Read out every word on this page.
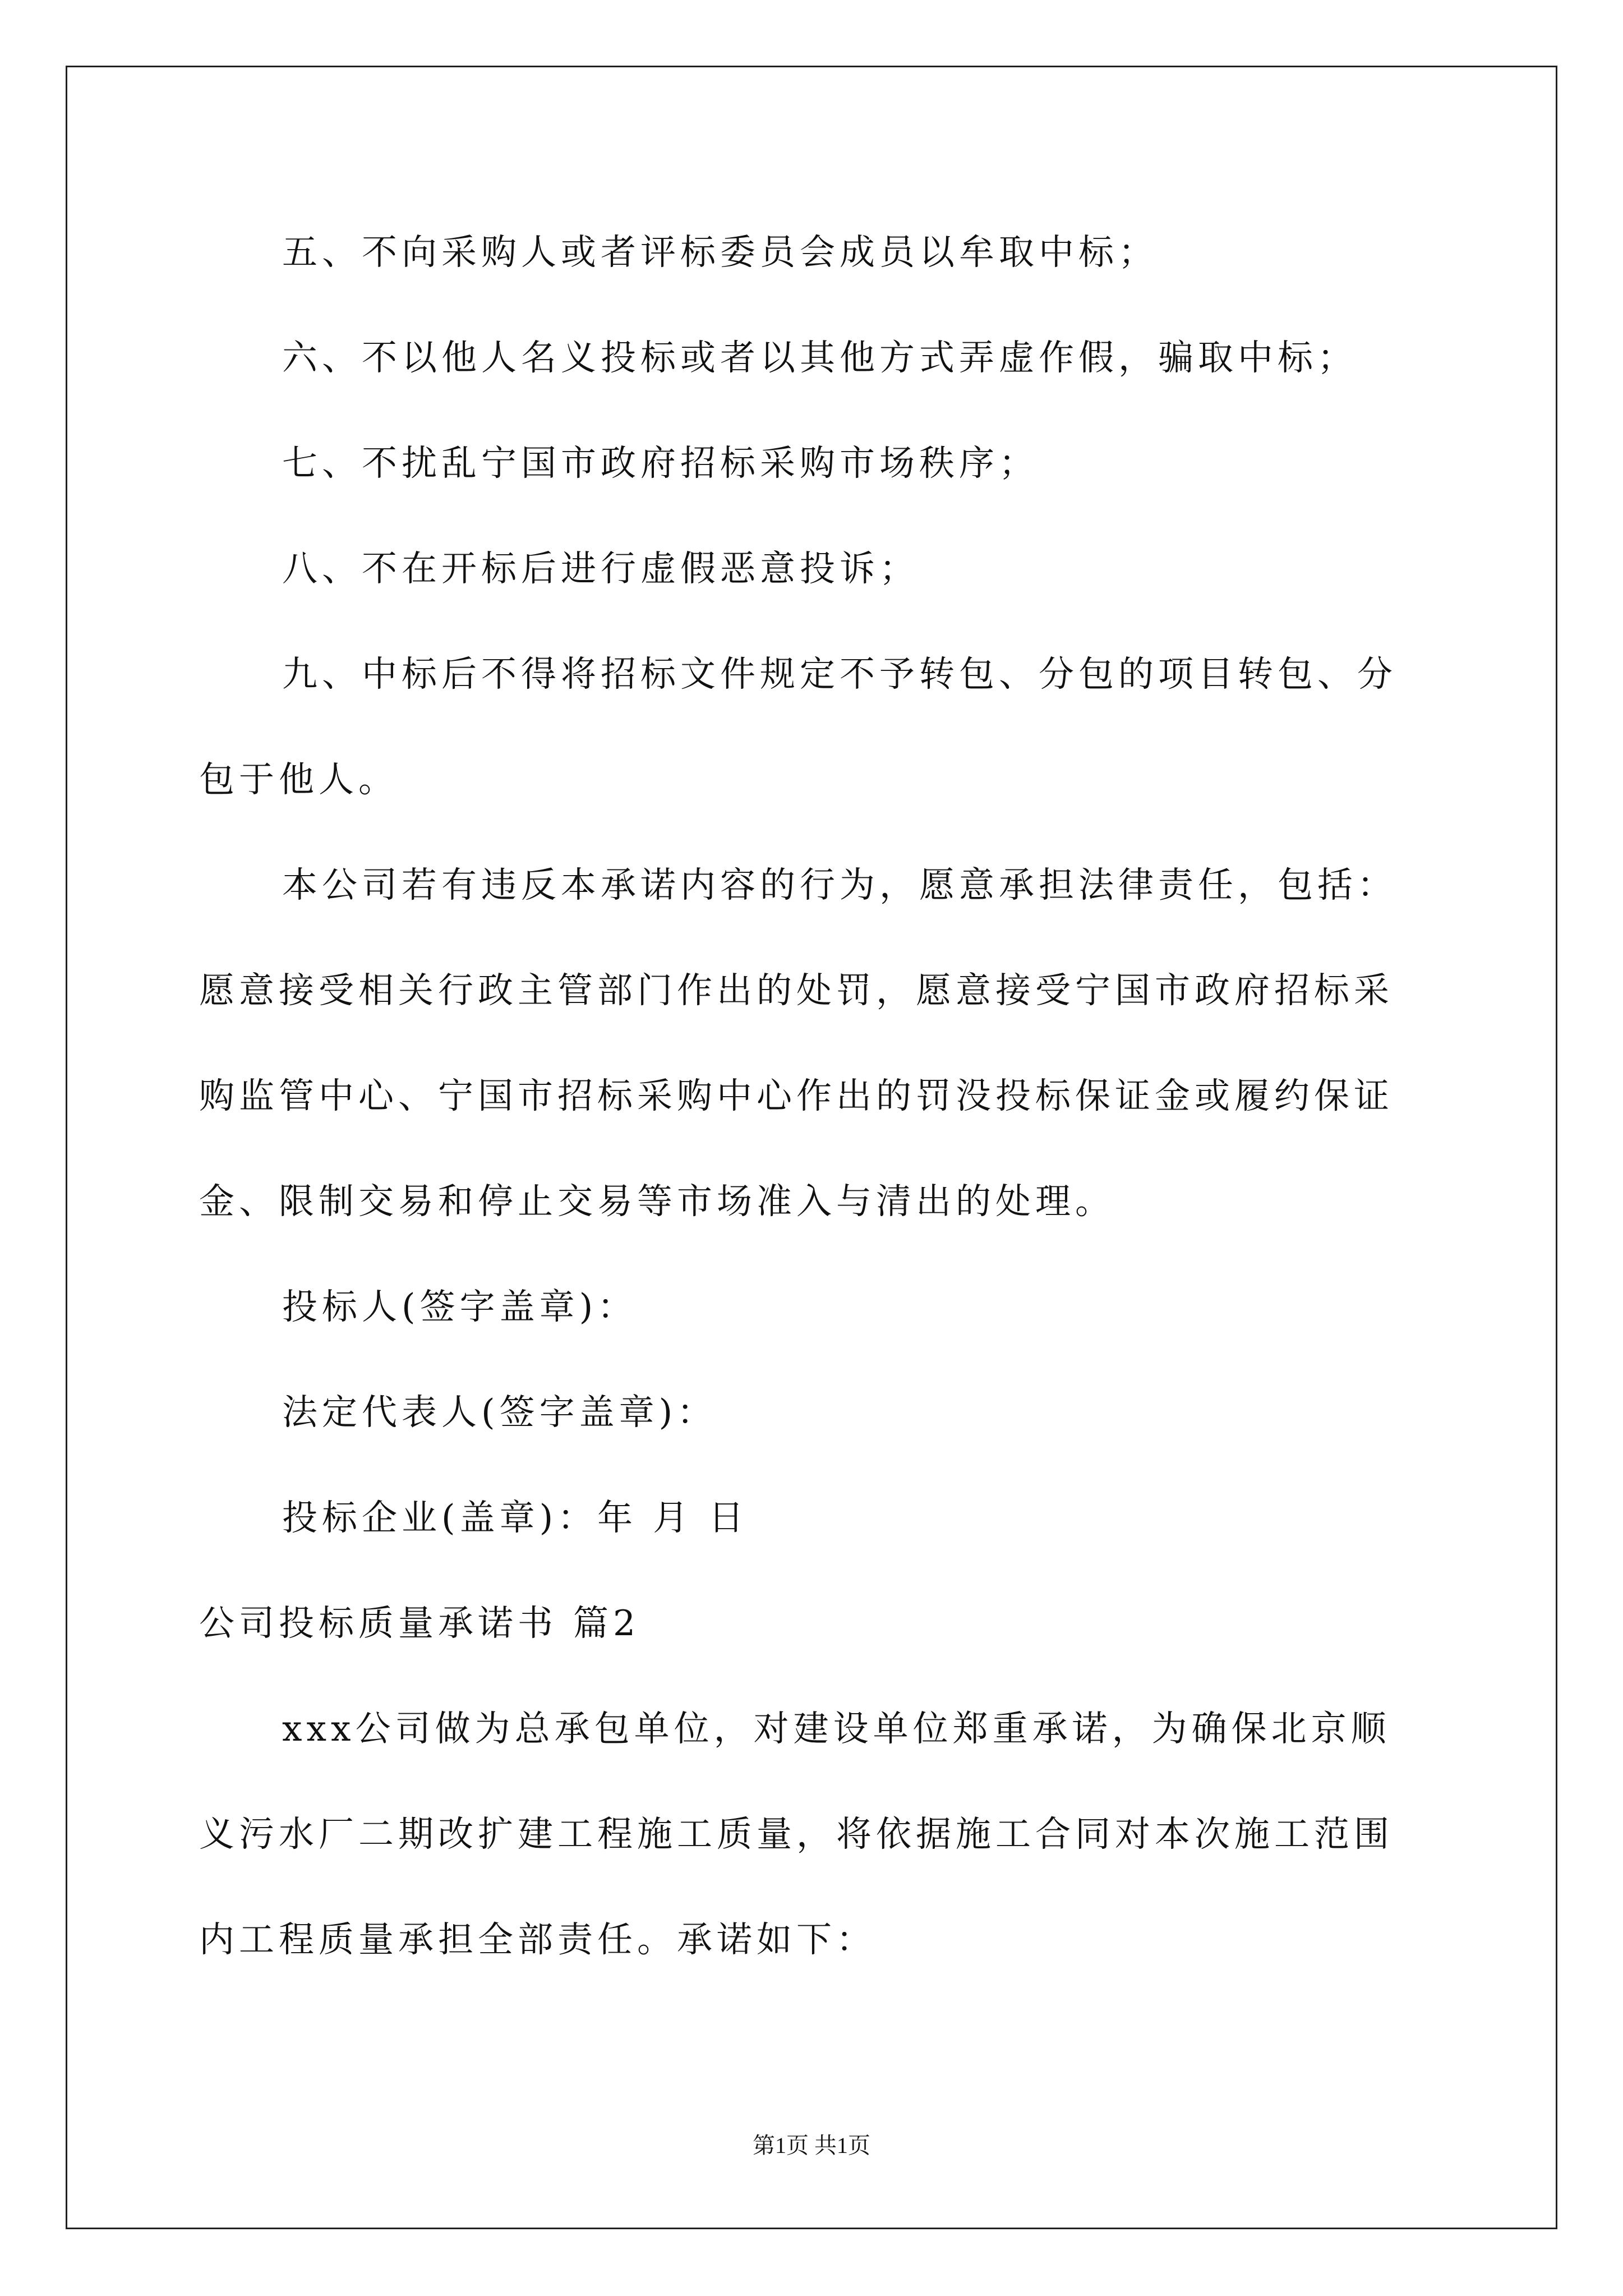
五、不向采购人或者评标委员会成员以牟取中标；
六、不以他人名义投标或者以其他方式弄虚作假，骗取中标；
七、不扰乱宁国市政府招标采购市场秩序；
八、不在开标后进行虚假恶意投诉；
九、中标后不得将招标文件规定不予转包、分包的项目转包、分
包于他人。
本公司若有违反本承诺内容的行为，愿意承担法律责任，包括：
愿意接受相关行政主管部门作出的处罚，愿意接受宁国市政府招标采
购监管中心、宁国市招标采购中心作出的罚没投标保证金或履约保证
金、限制交易和停止交易等市场准入与清出的处理。
投标人(签字盖章)：
法定代表人(签字盖章)：
投标企业(盖章)：年 月 日
公司投标质量承诺书 篇2
xxx公司做为总承包单位，对建设单位郑重承诺，为确保北京顺
义污水厂二期改扩建工程施工质量，将依据施工合同对本次施工范围
内工程质量承担全部责任。承诺如下：
第1页 共1页
